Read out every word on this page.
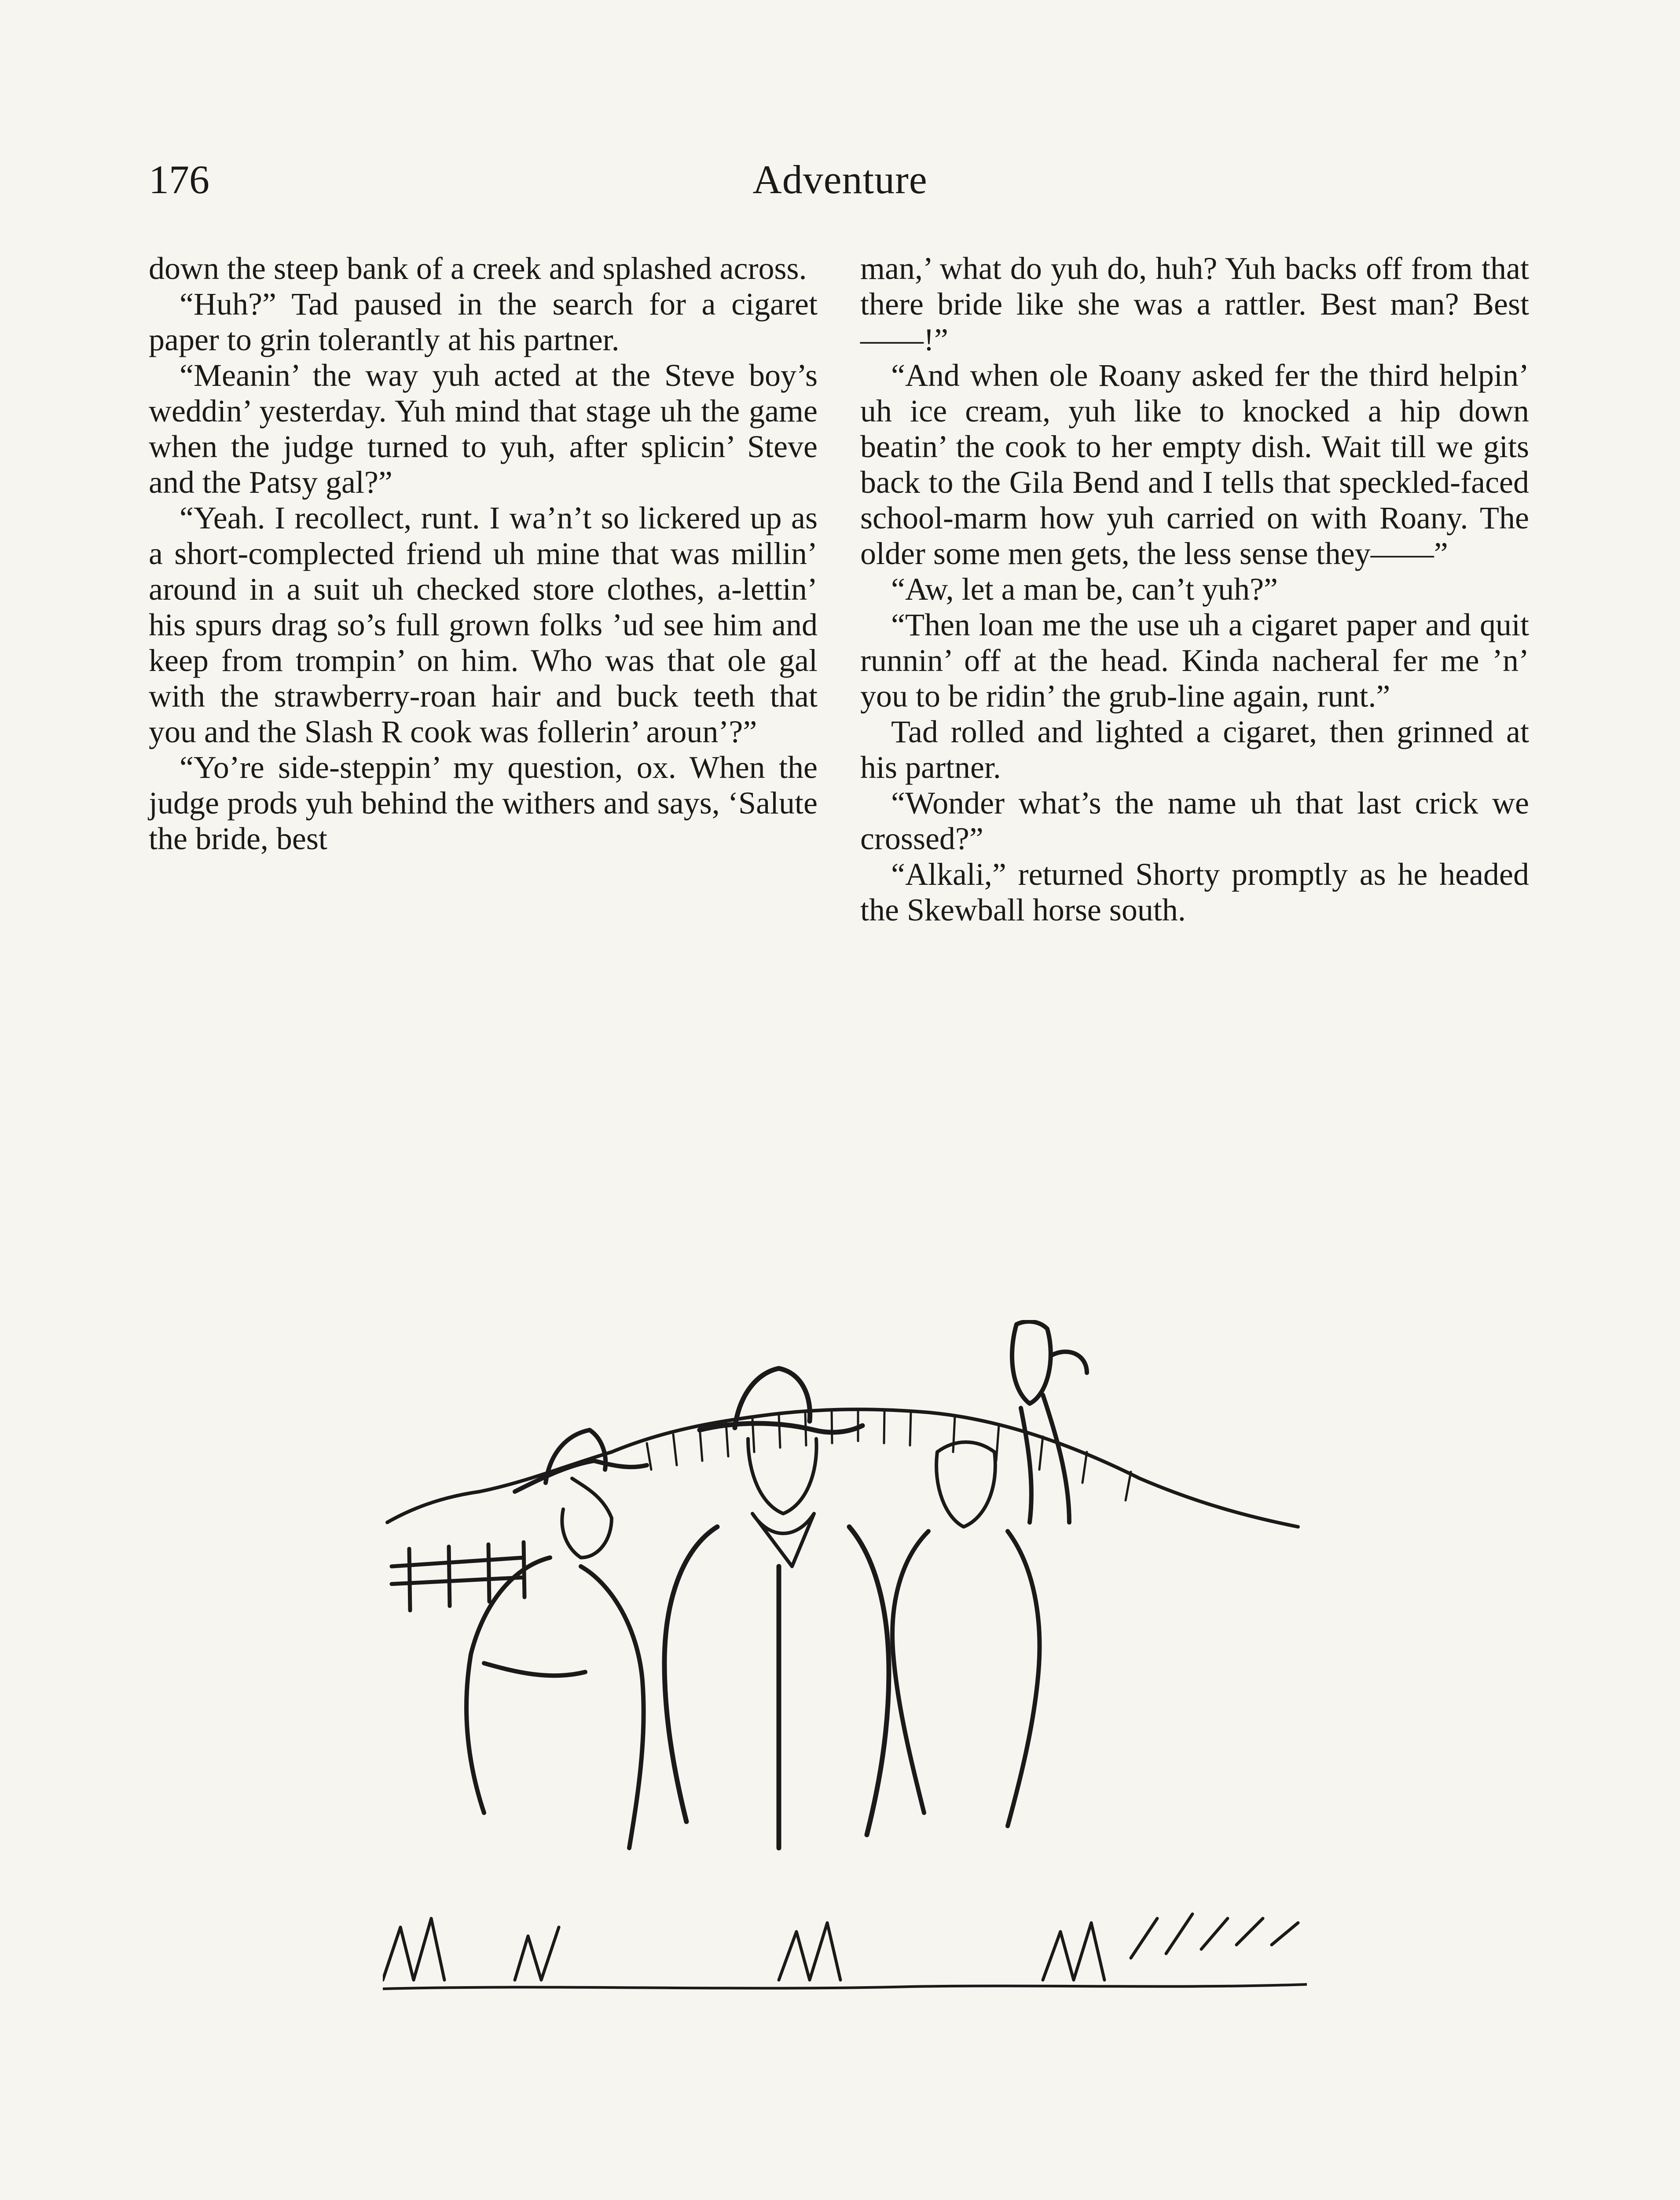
176	Adventure

down the steep bank of a creek and splashed across.

“Huh?” Tad paused in the search for a cigaret paper to grin tolerantly at his partner.

“Meanin’ the way yuh acted at the Steve boy’s weddin’ yesterday. Yuh mind that stage uh the game when the judge turned to yuh, after splicin’ Steve and the Patsy gal?”

“Yeah. I recollect, runt. I wa’n’t so lickered up as a short-complected friend uh mine that was millin’ around in a suit uh checked store clothes, a-lettin’ his spurs drag so’s full grown folks ’ud see him and keep from trompin’ on him. Who was that ole gal with the strawberry-roan hair and buck teeth that you and the Slash R cook was follerin’ aroun’?”

“Yo’re side-steppin’ my question, ox. When the judge prods yuh behind the withers and says, ‘Salute the bride, best

man,’ what do yuh do, huh? Yuh backs off from that there bride like she was a rattler. Best man? Best——!”

“And when ole Roany asked fer the third helpin’ uh ice cream, yuh like to knocked a hip down beatin’ the cook to her empty dish. Wait till we gits back to the Gila Bend and I tells that speckled-faced school-marm how yuh carried on with Roany. The older some men gets, the less sense they——”

“Aw, let a man be, can’t yuh?”

“Then loan me the use uh a cigaret paper and quit runnin’ off at the head. Kinda nacheral fer me ’n’ you to be ridin’ the grub-line again, runt.”

Tad rolled and lighted a cigaret, then grinned at his partner.

“Wonder what’s the name uh that last crick we crossed?”

“Alkali,” returned Shorty promptly as he headed the Skewball horse south.
